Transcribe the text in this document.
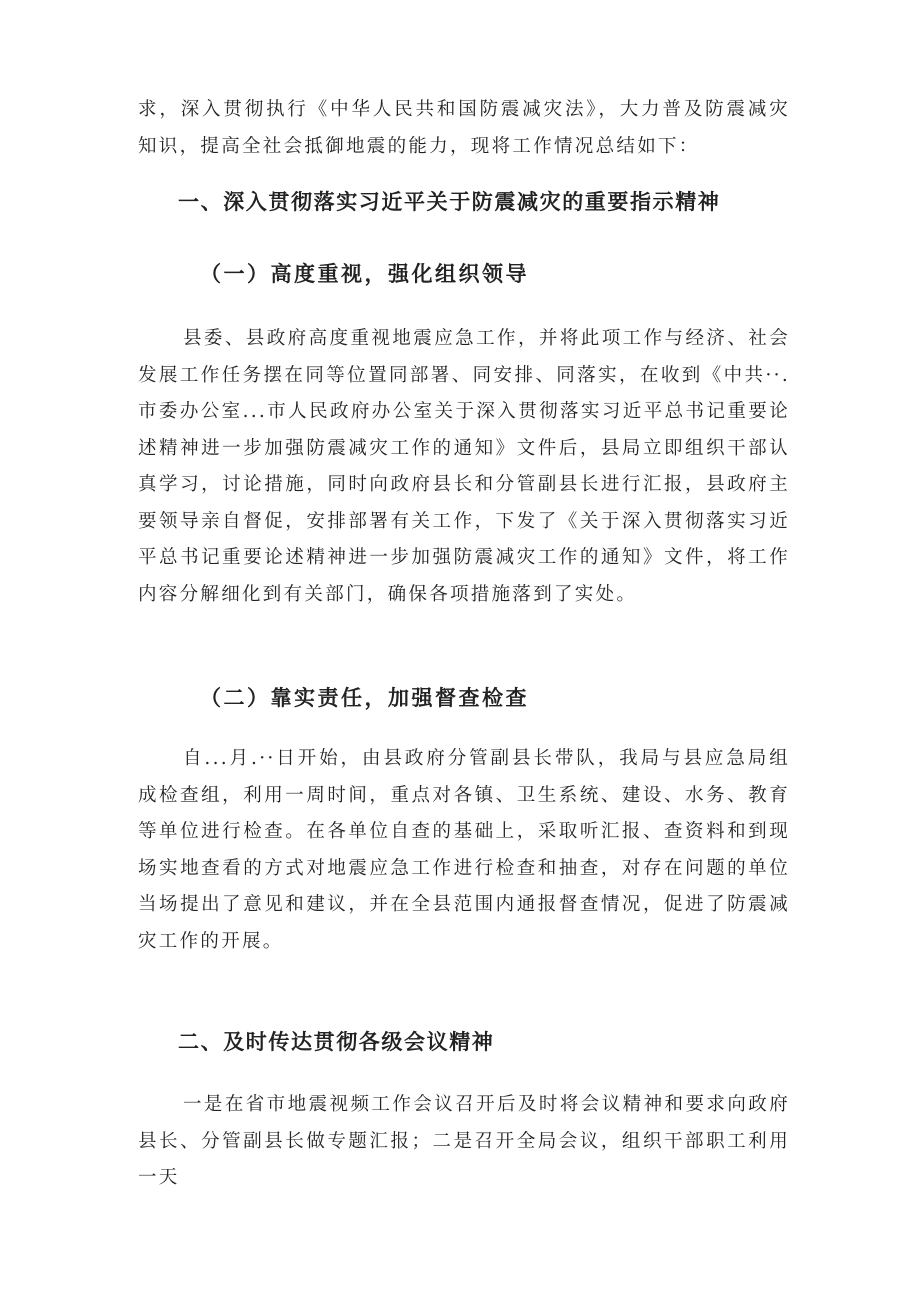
求，深入贯彻执行《中华人民共和国防震减灾法》，大力普及防震减灾知识，提高全社会抵御地震的能力，现将工作情况总结如下：

一、深入贯彻落实习近平关于防震减灾的重要指示精神
（一）高度重视，强化组织领导

县委、县政府高度重视地震应急工作，并将此项工作与经济、社会发展工作任务摆在同等位置同部署、同安排、同落实，在收到《中共··.市委办公室...市人民政府办公室关于深入贯彻落实习近平总书记重要论述精神进一步加强防震减灾工作的通知》文件后，县局立即组织干部认真学习，讨论措施，同时向政府县长和分管副县长进行汇报，县政府主要领导亲自督促，安排部署有关工作，下发了《关于深入贯彻落实习近平总书记重要论述精神进一步加强防震减灾工作的通知》文件，将工作内容分解细化到有关部门，确保各项措施落到了实处。

（二）靠实责任，加强督查检查

自...月.··日开始，由县政府分管副县长带队，我局与县应急局组成检查组，利用一周时间，重点对各镇、卫生系统、建设、水务、教育等单位进行检查。在各单位自查的基础上，采取听汇报、查资料和到现场实地查看的方式对地震应急工作进行检查和抽查，对存在问题的单位当场提出了意见和建议，并在全县范围内通报督查情况，促进了防震减灾工作的开展。

二、及时传达贯彻各级会议精神

一是在省市地震视频工作会议召开后及时将会议精神和要求向政府县长、分管副县长做专题汇报；二是召开全局会议，组织干部职工利用一天
